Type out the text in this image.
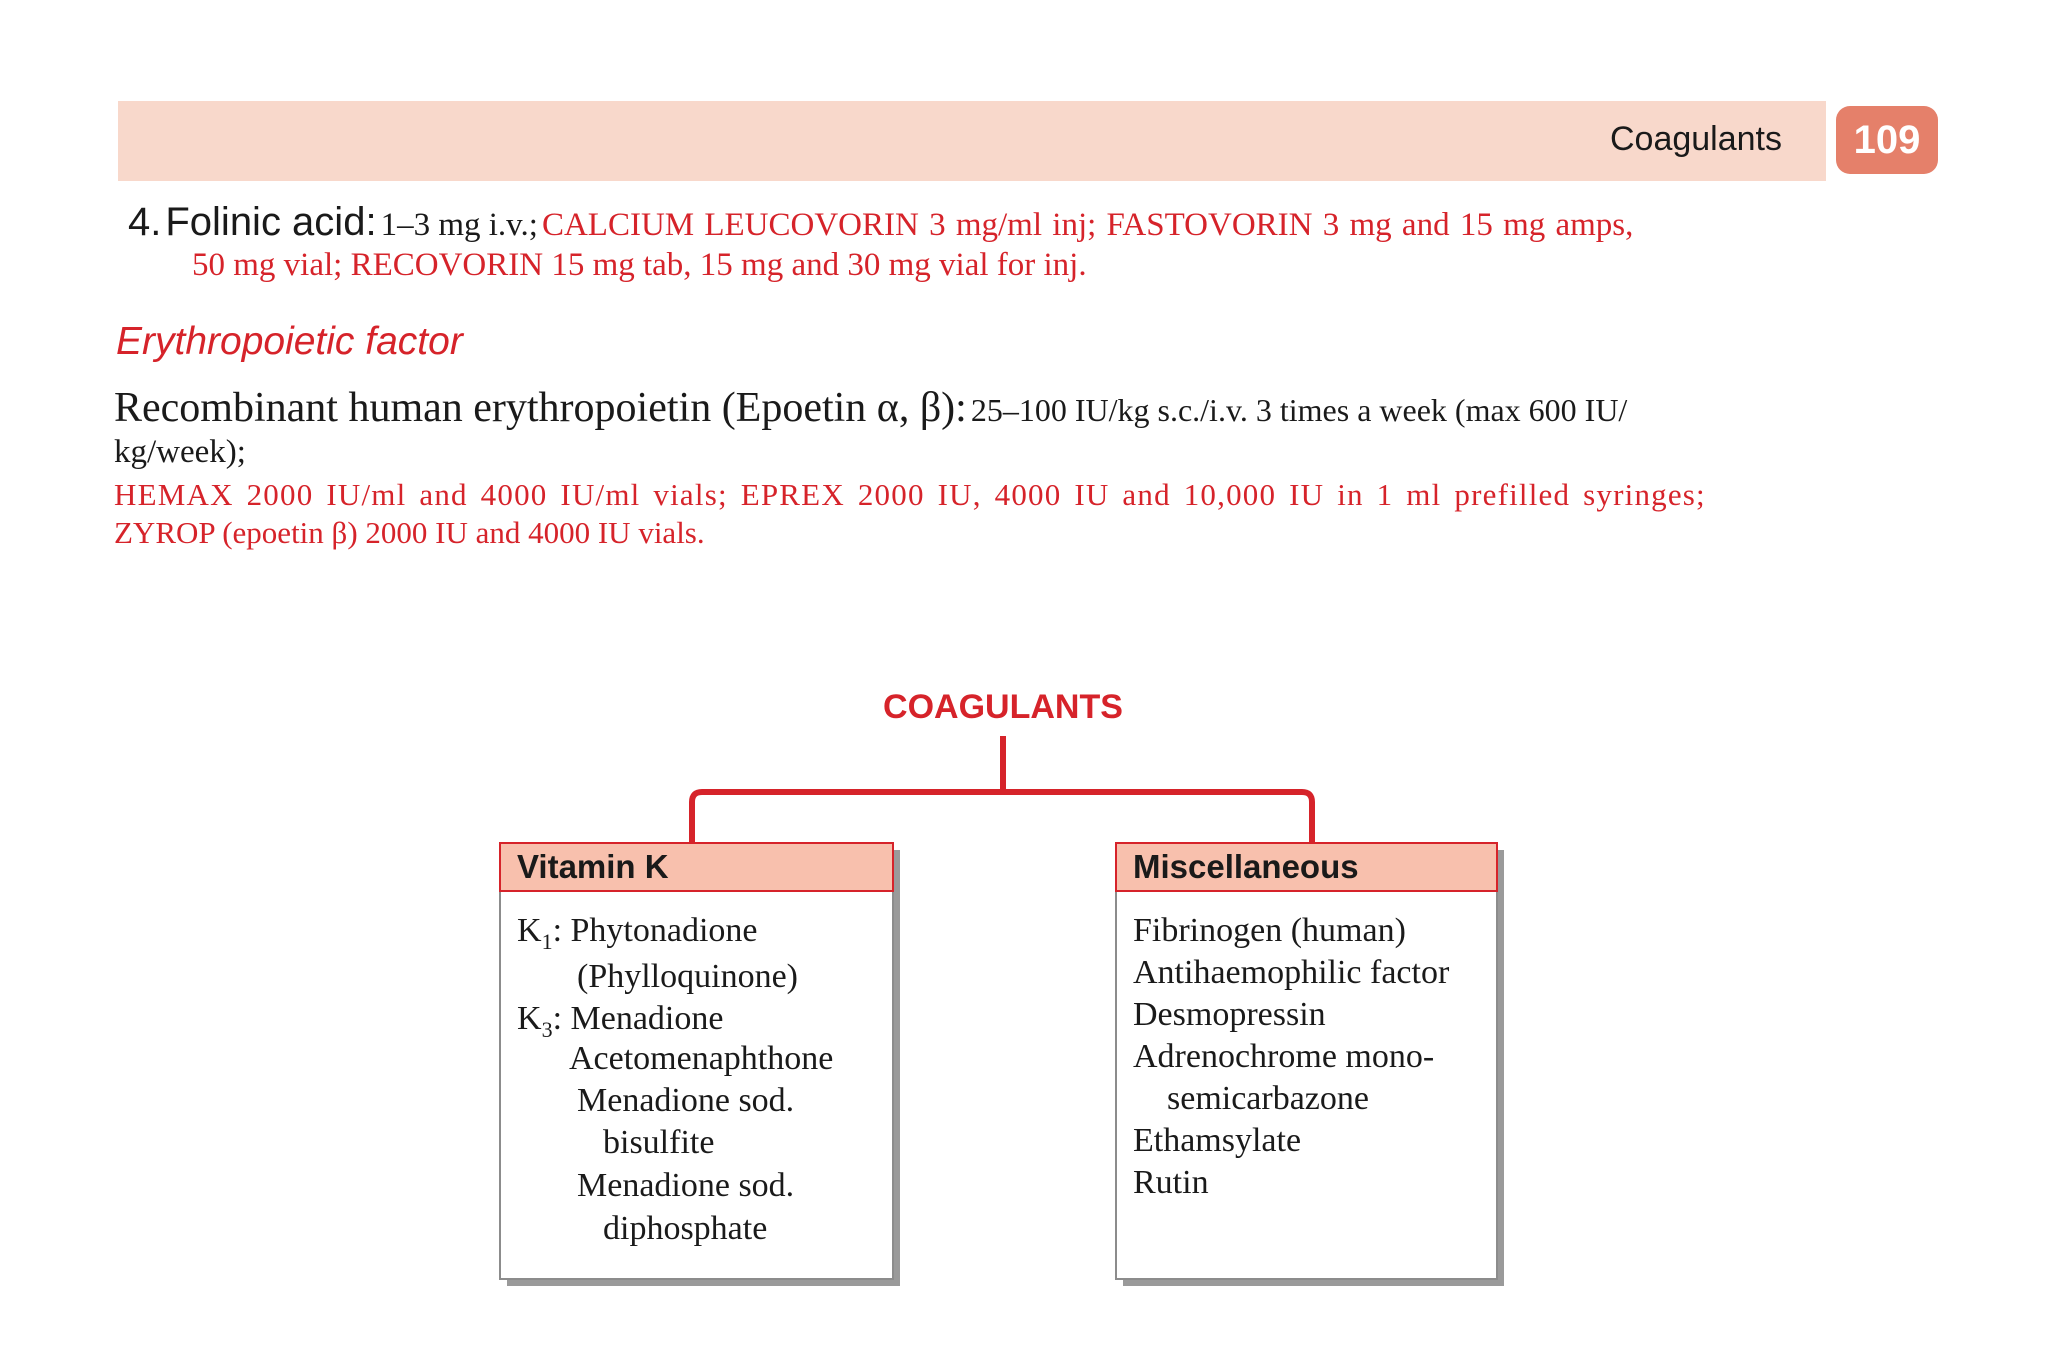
Coagulants	109
4. Folinic acid: 1–3 mg i.v.; CALCIUM LEUCOVORIN 3 mg/ml inj; FASTOVORIN 3 mg and 15 mg amps,
50 mg vial; RECOVORIN 15 mg tab, 15 mg and 30 mg vial for inj.
Erythropoietic factor
Recombinant human erythropoietin (Epoetin α, β): 25–100 IU/kg s.c./i.v. 3 times a week (max 600 IU/
kg/week);
HEMAX 2000 IU/ml and 4000 IU/ml vials; EPREX 2000 IU, 4000 IU and 10,000 IU in 1 ml prefilled syringes;
ZYROP (epoetin β) 2000 IU and 4000 IU vials.
COAGULANTS
Vitamin K
$K_1$: Phytonadione
(Phylloquinone)
$K_3$: Menadione
Acetomenaphthone
Menadione sod.
bisulfite
Menadione sod.
diphosphate
Miscellaneous
Fibrinogen (human)
Antihaemophilic factor
Desmopressin
Adrenochrome mono-
semicarbazone
Ethamsylate
Rutin
